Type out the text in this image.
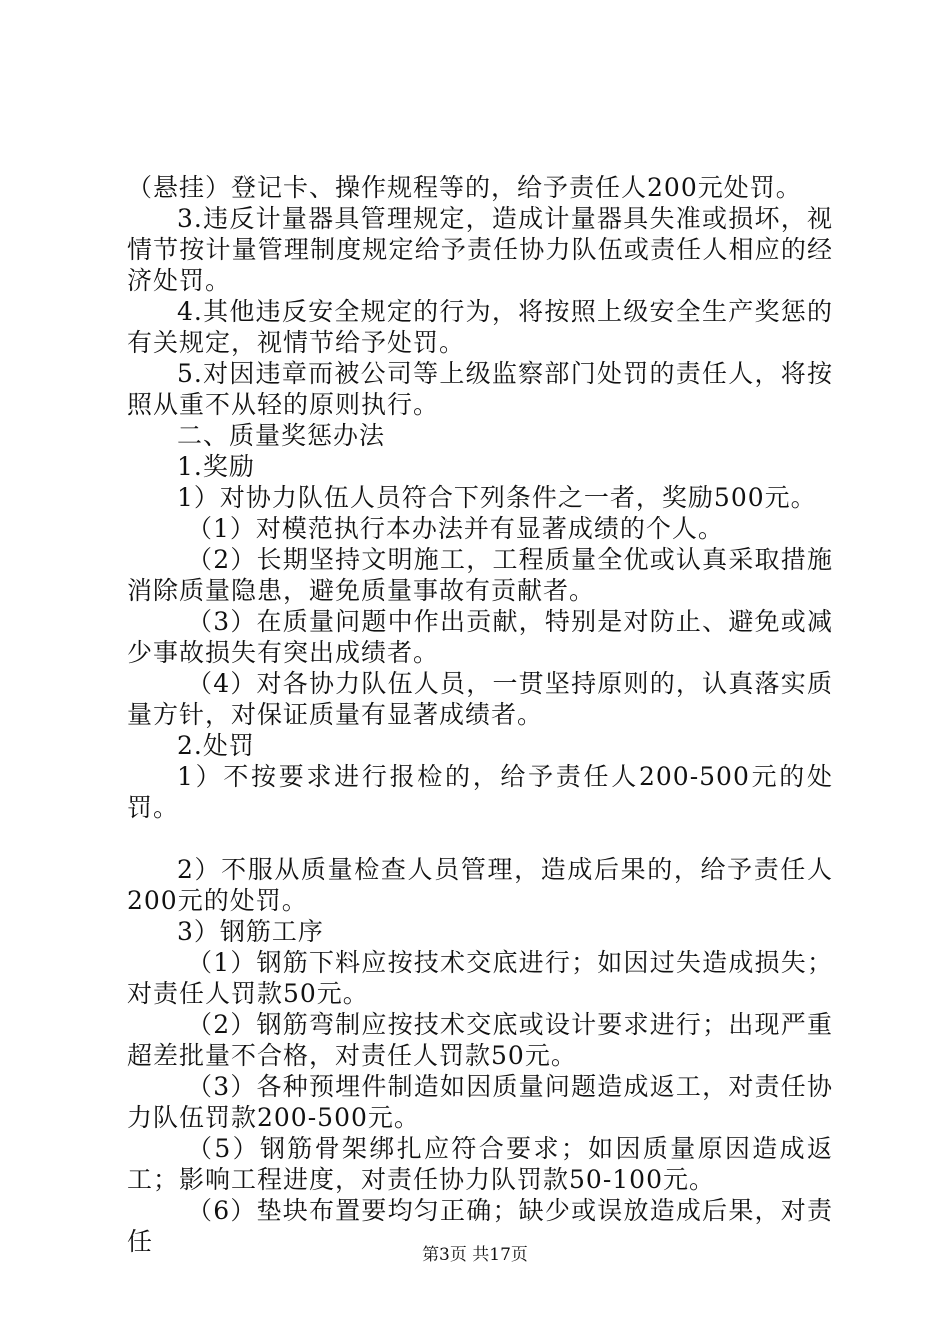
（悬挂）登记卡、操作规程等的，给予责任人200元处罚。

3.违反计量器具管理规定，造成计量器具失准或损坏，视情节按计量管理制度规定给予责任协力队伍或责任人相应的经济处罚。

4.其他违反安全规定的行为，将按照上级安全生产奖惩的有关规定，视情节给予处罚。

5.对因违章而被公司等上级监察部门处罚的责任人，将按照从重不从轻的原则执行。

二、质量奖惩办法

1.奖励

1）对协力队伍人员符合下列条件之一者，奖励500元。

（1）对模范执行本办法并有显著成绩的个人。

（2）长期坚持文明施工，工程质量全优或认真采取措施消除质量隐患，避免质量事故有贡献者。

（3）在质量问题中作出贡献，特别是对防止、避免或减少事故损失有突出成绩者。

（4）对各协力队伍人员，一贯坚持原则的，认真落实质量方针，对保证质量有显著成绩者。

2.处罚

1）不按要求进行报检的，给予责任人200-500元的处罚。

2）不服从质量检查人员管理，造成后果的，给予责任人200元的处罚。

3）钢筋工序

（1）钢筋下料应按技术交底进行；如因过失造成损失；对责任人罚款50元。

（2）钢筋弯制应按技术交底或设计要求进行；出现严重超差批量不合格，对责任人罚款50元。

（3）各种预埋件制造如因质量问题造成返工，对责任协力队伍罚款200-500元。

（5）钢筋骨架绑扎应符合要求；如因质量原因造成返工；影响工程进度，对责任协力队罚款50-100元。

（6）垫块布置要均匀正确；缺少或误放造成后果，对责任	第3页 共17页
